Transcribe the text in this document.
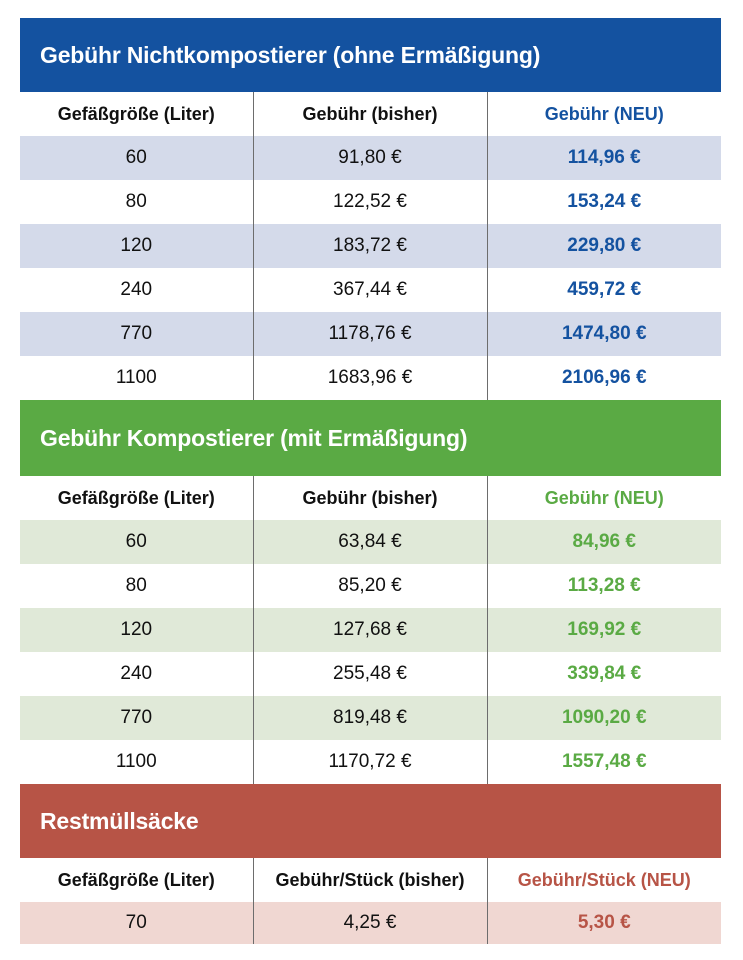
Gebühr Nichtkompostierer (ohne Ermäßigung)
Gefäßgröße (Liter)	Gebühr (bisher)	Gebühr (NEU)
60	91,80 €	114,96 €
80	122,52 €	153,24 €
120	183,72 €	229,80 €
240	367,44 €	459,72 €
770	1178,76 €	1474,80 €
1100	1683,96 €	2106,96 €
Gebühr Kompostierer (mit Ermäßigung)
Gefäßgröße (Liter)	Gebühr (bisher)	Gebühr (NEU)
60	63,84 €	84,96 €
80	85,20 €	113,28 €
120	127,68 €	169,92 €
240	255,48 €	339,84 €
770	819,48 €	1090,20 €
1100	1170,72 €	1557,48 €
Restmüllsäcke
Gefäßgröße (Liter)	Gebühr/Stück (bisher)	Gebühr/Stück (NEU)
70	4,25 €	5,30 €
